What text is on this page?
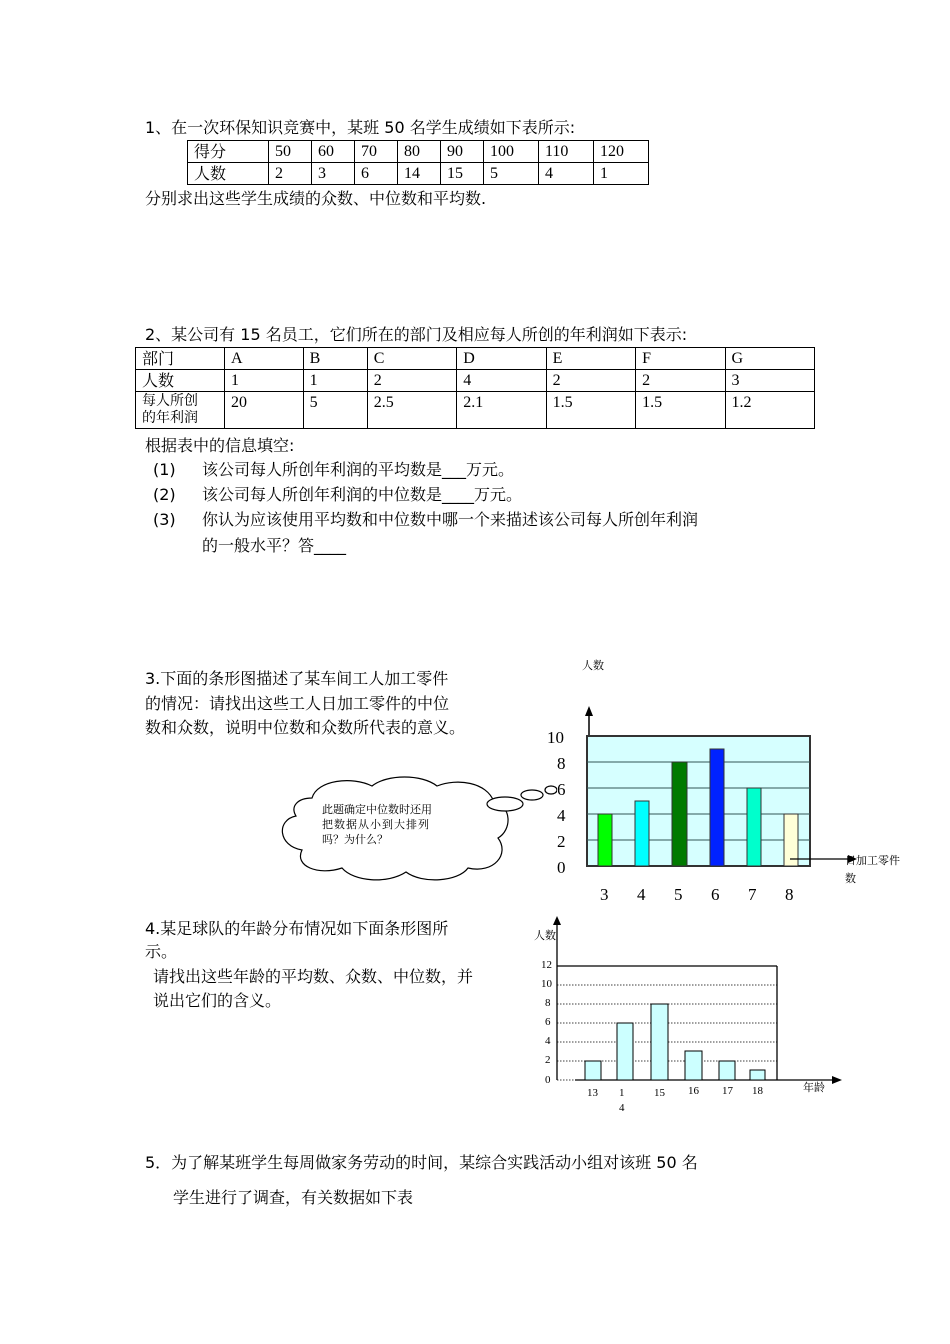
1、在一次环保知识竞赛中，某班 50 名学生成绩如下表所示:
得分	50	60	70	80	90	100	110	120
人数	2	3	6	14	15	5	4	1
分别求出这些学生成绩的众数、中位数和平均数.
2、某公司有 15 名员工，它们所在的部门及相应每人所创的年利润如下表示:
部门	A	B	C	D	E	F	G
人数	1	1	2	4	2	2	3

每人所创
的年利润	20	5	2.5	2.1	1.5	1.5	1.2
根据表中的信息填空:
(1) 该公司每人所创年利润的平均数是___万元。
(2) 该公司每人所创年利润的中位数是____万元。
(3) 你认为应该使用平均数和中位数中哪一个来描述该公司每人所创年利润
的一般水平？答____
3.下面的条形图描述了某车间工人加工零件
的情况：请找出这些工人日加工零件的中位
数和众数，说明中位数和众数所代表的意义。
此题确定中位数时还用
把数据从小到大排列
吗？为什么？
人数
10
8
6
4
2
0
3 4 5 6 7 8
日加工零件数
4.某足球队的年龄分布情况如下面条形图所
示。
请找出这些年龄的平均数、众数、中位数，并
说出它们的含义。
人数
12
10
8
6
4
2
0
13 14
15 16 17 18	年龄
5．为了解某班学生每周做家务劳动的时间，某综合实践活动小组对该班 50 名
学生进行了调查，有关数据如下表
